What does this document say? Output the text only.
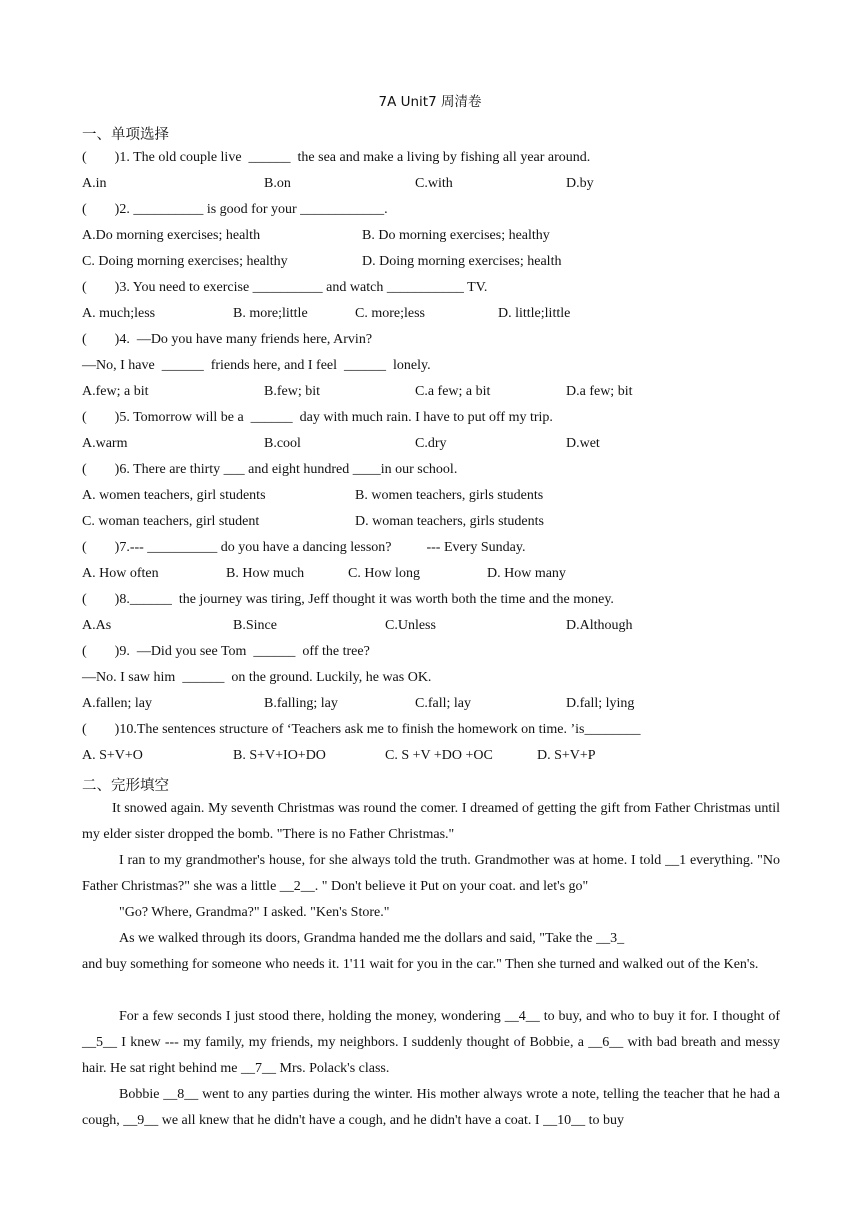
7A Unit7 周清卷
一、单项选择
(        )1. The old couple live  ______  the sea and make a living by fishing all year around.
A.in	B.on	C.with	D.by
(        )2. __________ is good for your ____________.
A.Do morning exercises; health	B. Do morning exercises; healthy
C. Doing morning exercises; healthy	D. Doing morning exercises; health
(        )3. You need to exercise __________ and watch ___________ TV.
A. much;less	B. more;little	C. more;less	D. little;little
(        )4.  —Do you have many friends here, Arvin?
—No, I have  ______  friends here, and I feel  ______  lonely.
A.few; a bit	B.few; bit	C.a few; a bit	D.a few; bit
(        )5. Tomorrow will be a  ______  day with much rain. I have to put off my trip.
A.warm	B.cool	C.dry	D.wet
(        )6. There are thirty ___ and eight hundred ____in our school.
A. women teachers, girl students	B. women teachers, girls students
C. woman teachers, girl student	D. woman teachers, girls students
(        )7.--- __________ do you have a dancing lesson?          --- Every Sunday.
A. How often	B. How much	C. How long	D. How many
(        )8.______  the journey was tiring, Jeff thought it was worth both the time and the money.
A.As	B.Since	C.Unless	D.Although
(        )9.  —Did you see Tom  ______  off the tree?
—No. I saw him  ______  on the ground. Luckily, he was OK.
A.fallen; lay	B.falling; lay	C.fall; lay	D.fall; lying
(        )10.The sentences structure of ‘Teachers ask me to finish the homework on time. ’is________
A. S+V+O	B. S+V+IO+DO	C. S +V +DO +OC	D. S+V+P
二、完形填空
It snowed again. My seventh Christmas was round the comer. I dreamed of getting the gift from Father Christmas until my elder sister dropped the bomb. "There is no Father Christmas."
I ran to my grandmother's house, for she always told the truth. Grandmother was at home. I told __1 everything. "No Father Christmas?" she was a little __2__. " Don't believe it Put on your coat. and let's go"
"Go? Where, Grandma?" I asked. "Ken's Store."
As we walked through its doors, Grandma handed me the dollars and said, "Take the __3_
and buy something for someone who needs it. 1'11 wait for you in the car." Then she turned and walked out of the Ken's.
For a few seconds I just stood there, holding the money, wondering __4__ to buy, and who to buy it for. I thought of __5__ I knew --- my family, my friends, my neighbors. I suddenly thought of Bobbie, a __6__ with bad breath and messy hair. He sat right behind me __7__ Mrs. Polack's class.
Bobbie __8__ went to any parties during the winter. His mother always wrote a note, telling the teacher that he had a cough, __9__ we all knew that he didn't have a cough, and he didn't have a coat. I __10__ to buy
